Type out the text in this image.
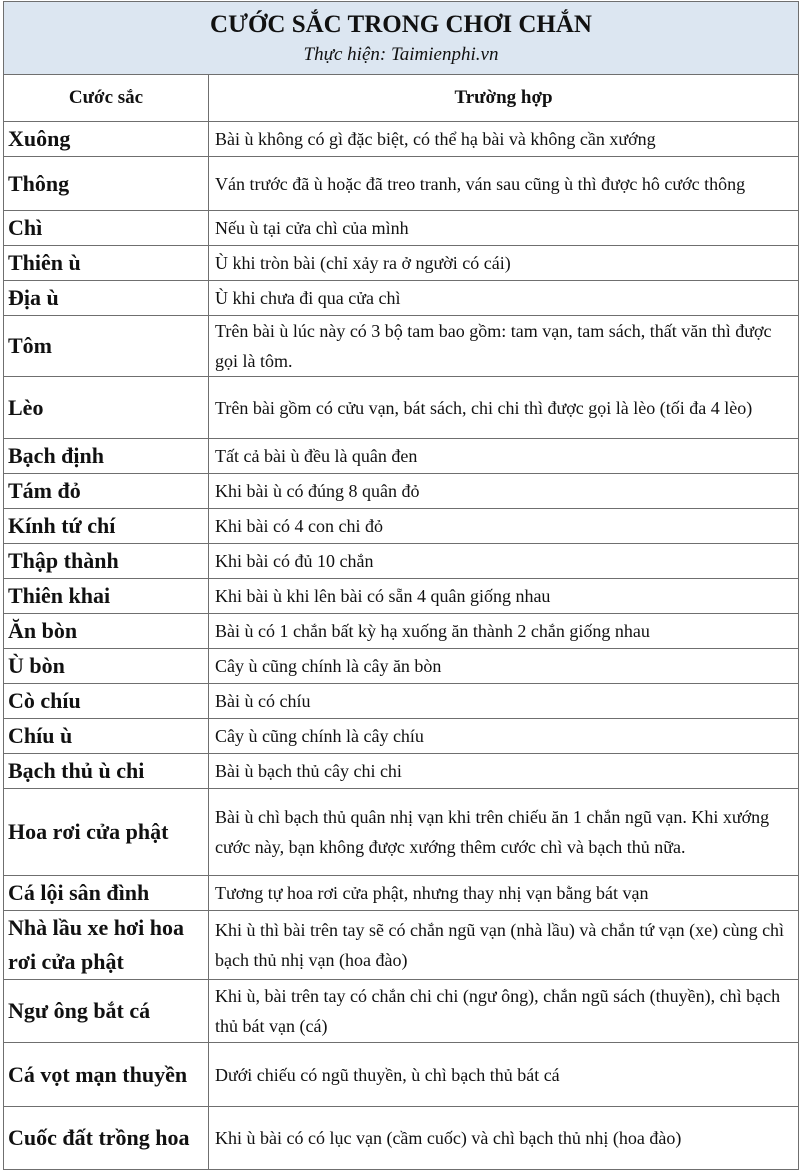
CƯỚC SẮC TRONG CHƠI CHẮN
Thực hiện: Taimienphi.vn	

Cước sắc	Trường hợp
Xuông	Bài ù không có gì đặc biệt, có thể hạ bài và không cần xướng
Thông	Ván trước đã ù hoặc đã treo tranh, ván sau cũng ù thì được hô cước thông
Chì	Nếu ù tại cửa chì của mình
Thiên ù	Ù khi tròn bài (chỉ xảy ra ở người có cái)
Địa ù	Ù khi chưa đi qua cửa chì
Tôm	Trên bài ù lúc này có 3 bộ tam bao gồm: tam vạn, tam sách, thất văn thì được gọi là tôm.
Lèo	Trên bài gồm có cửu vạn, bát sách, chi chi thì được gọi là lèo (tối đa 4 lèo)
Bạch định	Tất cả bài ù đều là quân đen
Tám đỏ	Khi bài ù có đúng 8 quân đỏ
Kính tứ chí	Khi bài có 4 con chi đỏ
Thập thành	Khi bài có đủ 10 chắn
Thiên khai	Khi bài ù khi lên bài có sẵn 4 quân giống nhau
Ăn bòn	Bài ù có 1 chắn bất kỳ hạ xuống ăn thành 2 chắn giống nhau
Ù bòn	Cây ù cũng chính là cây ăn bòn
Cò chíu	Bài ù có chíu
Chíu ù	Cây ù cũng chính là cây chíu
Bạch thủ ù chi	Bài ù bạch thủ cây chi chi
Hoa rơi cửa phật	Bài ù chì bạch thủ quân nhị vạn khi trên chiếu ăn 1 chắn ngũ vạn. Khi xướng cước này, bạn không được xướng thêm cước chì và bạch thủ nữa.
Cá lội sân đình	Tương tự hoa rơi cửa phật, nhưng thay nhị vạn bằng bát vạn
Nhà lầu xe hơi hoa rơi cửa phật	Khi ù thì bài trên tay sẽ có chắn ngũ vạn (nhà lầu) và chắn tứ vạn (xe) cùng chì bạch thủ nhị vạn (hoa đào)
Ngư ông bắt cá	Khi ù, bài trên tay có chắn chi chi (ngư ông), chắn ngũ sách (thuyền), chì bạch thủ bát vạn (cá)
Cá vọt mạn thuyền	Dưới chiếu có ngũ thuyền, ù chì bạch thủ bát cá
Cuốc đất trồng hoa	Khi ù bài có có lục vạn (cầm cuốc) và chì bạch thủ nhị (hoa đào)
